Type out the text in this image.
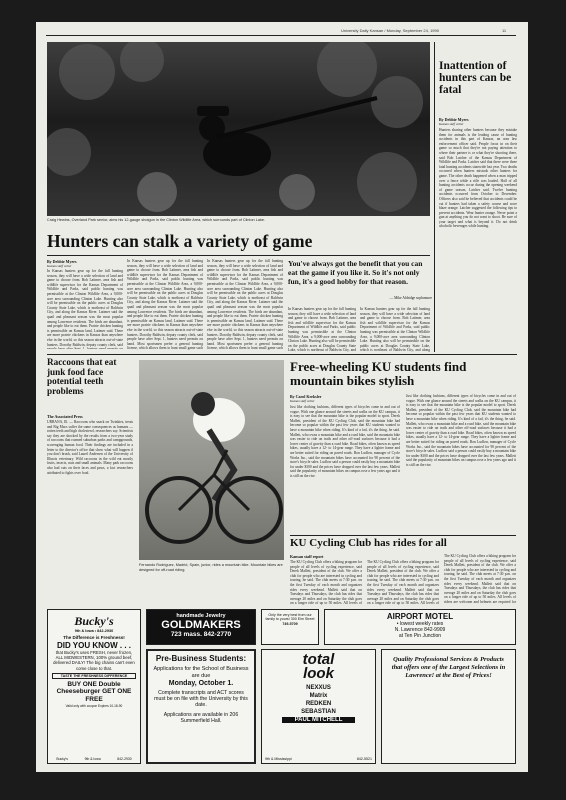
University Daily Kansan / Monday, September 24, 1990	11
Craig Hewins, Overland Park senior, aims his 12-gauge shotgun in the Clinton Wildlife Area, which surrounds part of Clinton Lake.
Hunters can stalk a variety of game
By Debbie Myers
Kansan staff writer
In Kansas hunters gear up for the fall hunting season, they will have a wide selection of land and game to choose from. Bob Latimer, area fish and wildlife supervisor for the Kansas Department of Wildlife and Parks, said public hunting was permissible at the Clinton Wildlife Area, a 9,000-acre area surrounding Clinton Lake. Hunting also will be permissible on the public acres at Douglas County State Lake, which is northeast of Baldwin City, and along the Kansas River. Latimer said the quail and pheasant season was the most popular among Lawrence residents. The birds are abundant, and people like to eat them. Prairie chicken hunting is permissible on Kansas land, Latimer said. There are more prairie chickens in Kansas than anywhere else in the world, so this season attracts out-of-state hunters. Dorothy Baldwin, deputy county clerk, said
In Kansas hunters gear up for the fall hunting season, they will have a wide selection of land and game to choose from. Bob Latimer, area fish and wildlife supervisor for the Kansas Department of Wildlife and Parks, said public hunting was permissible at the Clinton Wildlife Area, a 9,000-acre area surrounding Clinton Lake. Hunting also will be permissible on the public acres at Douglas County State Lake, which is northeast of Baldwin City, and along the Kansas River. Latimer said the quail and pheasant season was the most popular among Lawrence residents. The birds are abundant, and people like to eat them. Prairie chicken hunting is permissible on Kansas land, Latimer said. There are more prairie chickens in Kansas than anywhere else in the world, so this season attracts out-of-state hunters. Dorothy Baldwin, deputy county clerk, said people have after Sept. 1, hunters need permits on hand. Most sportsmen prefer a general hunting license, which allows them to hunt small game such
In Kansas hunters gear up for the fall hunting season, they will have a wide selection of land and game to choose from. Bob Latimer, area fish and wildlife supervisor for the Kansas Department of Wildlife and Parks, said public hunting was permissible at the Clinton Wildlife Area, a 9,000-acre area surrounding Clinton Lake. Hunting also will be permissible on the public acres at Douglas County State Lake, which is northeast of Baldwin City, and along the Kansas River. Latimer said the quail and pheasant season was the most popular among Lawrence residents. The birds are abundant, and people like to eat them. Prairie chicken hunting is permissible on Kansas land, Latimer said. There are more prairie chickens in Kansas than anywhere else in the world, so this season attracts out-of-state hunters. Dorothy Baldwin, deputy county clerk, said people have after Sept. 1, hunters need permits on hand. Most sportsmen prefer a general hunting license, which allows them to hunt small game such
You've always got the benefit that you can eat the game if you like it. So it's not only fun, it's a good hobby for that reason.
— Mike Aldridge sophomore
In Kansas hunters gear up for the fall hunting season, they will have a wide selection of land and game to choose from. Bob Latimer, area fish and wildlife supervisor for the Kansas Department of Wildlife and Parks, said public hunting was permissible at the Clinton Wildlife Area, a 9,000-acre area surrounding Clinton Lake. Hunting also will be permissible on the public acres at Douglas County State Lake, which is northeast of Baldwin City, and
In Kansas hunters gear up for the fall hunting season, they will have a wide selection of land and game to choose from. Bob Latimer, area fish and wildlife supervisor for the Kansas Department of Wildlife and Parks, said public hunting was permissible at the Clinton Wildlife Area, a 9,000-acre area surrounding Clinton Lake. Hunting also will be permissible on the public acres at Douglas County State Lake, which is northeast of Baldwin City, and along
Inattention of hunters can be fatal
By Debbie Myers
Kansan staff writer
Hunters sharing other hunters because they mistake them for animals is the leading cause of hunting accidents in this part of Kansas, an area law enforcement officer said. People focus in on their game so much that they're not paying attention to where their partner is or what they're shooting there, said Bob Latcher of the Kansas Department of Wildlife and Parks. Latcher said that there were three fatal hunting accidents statewide last year. Two deaths occurred when hunters mistook other hunters for game. The other death happened when a man tripped over a fence while a rifle was loaded. Half of all hunting accidents occur during the opening weekend of game season, Latcher said. Twelve hunting accidents occurred from October to December. Officers also said he believed that accidents could be cut if hunters had taken a safety course and wore blaze orange. Latcher suggested the following tips to prevent accidents. Wear hunter orange. Never point a gun at anything you do not want to shoot. Be sure of your target and what is beyond it. Do not drink alcoholic beverages while hunting.
Raccoons that eat junk food face potential teeth problems
The Associated Press
URBANA, Ill. — Raccoons who snack on Twinkies, treats and Big Macs suffer the same consequences as humans — rotten teeth and high cholesterol, researchers say. Scientists say they are shocked by the results from a two-year study of raccoons that roamed suburban parks and campgrounds, scavenging human food. Their findings are included in a letter to the director's office that show what will happen if you don't brush, said Laurel Andersen of the University of Illinois veterinary. Wild raccoons in the wild eat mostly fruits, insects, nuts and small animals. Many park raccoons also had cuts on their faces and paws, a fact researchers attributed to fights over food.
Fernando Rodriguez, Madrid, Spain, junior, rides a mountain bike. Mountain bikes are designed for off-road riding.
Free-wheeling KU students find mountain bikes stylish
By Carol Kreksler
Kansan staff writer
Just like clothing fashions, different types of bicycles come in and out of vogue. With one glance around the streets and walks on the KU campus, it is easy to see that the mountain bike is the popular model to sport. Derek Mallett, president of the KU Cycling Club, said the mountain bike had become so popular within the past few years that KU students wanted to have a mountain bike when riding. It's kind of a fad, it's the thing, he said. Mallett, who owns a mountain bike and a road bike, said the mountain bike was easier to ride on trails and other off-road surfaces because it had a lower center of gravity than a road bike. Road bikes, often known as speed bikes, usually have a 12- to 14-gear range. They have a lighter frame and are better suited for riding on paved roads. Ron Ludlow, manager of Cycle Works Inc., said the mountain bikes have accounted for 90 percent of the store's bicycle sales. Ludlow said a person could easily buy a mountain bike for under $300 and the prices have dropped over the last few years. Mallett said the popularity of mountain bikes on campus rose a few years ago and it is still on the rise.
Just like clothing fashions, different types of bicycles come in and out of vogue. With one glance around the streets and walks on the KU campus, it is easy to see that the mountain bike is the popular model to sport. Derek Mallett, president of the KU Cycling Club, said the mountain bike had become so popular within the past few years that KU students wanted to have a mountain bike when riding. It's kind of a fad, it's the thing, he said. Mallett, who owns a mountain bike and a road bike, said the mountain bike was easier to ride on trails and other off-road surfaces because it had a lower center of gravity than a road bike. Road bikes, often known as speed bikes, usually have a 12- to 14-gear range. They have a lighter frame and are better suited for riding on paved roads. Ron Ludlow, manager of Cycle Works Inc., said the mountain bikes have accounted for 90 percent of the store's bicycle sales. Ludlow said a person could easily buy a mountain bike for under $300 and the prices have dropped over the last few years. Mallett said the popularity of mountain bikes on campus rose a few years ago and it is still on the rise.
KU Cycling Club has rides for all
Kansan staff report
The KU Cycling Club offers a biking program for people of all levels of cycling experience, said Derek Mallett, president of the club. We offer a club for people who are interested in cycling and touring, he said. The club meets at 7:30 p.m. on the first Tuesday of each month and organizes rides every weekend. Mallett said that on Tuesdays and Thursdays, the club has rides that average 20 miles and on Saturday the club goes on a longer ride of up to 50 miles. All levels of
The KU Cycling Club offers a biking program for people of all levels of cycling experience, said Derek Mallett, president of the club. We offer a club for people who are interested in cycling and touring, he said. The club meets at 7:30 p.m. on the first Tuesday of each month and organizes rides every weekend. Mallett said that on Tuesdays and Thursdays, the club has rides that average 20 miles and on Saturday the club goes on a longer ride of up to 50 miles. All levels of
The KU Cycling Club offers a biking program for people of all levels of cycling experience, said Derek Mallett, president of the club. We offer a club for people who are interested in cycling and touring, he said. The club meets at 7:30 p.m. on the first Tuesday of each month and organizes rides every weekend. Mallett said that on Tuesdays and Thursdays, the club has rides that average 20 miles and on Saturday the club goes on a longer ride of up to 50 miles. All levels of riders are welcome and helmets are required for
Bucky's
9th & Iowa • 842-2930
The Difference is Freshness!
DID YOU KNOW . . .
that Bucky's uses FRESH, never frozen, ALL MIDWESTERN, 100% ground beef, delivered DAILY! The big chains can't even come close to that.
TASTE THE FRESHNESS DIFFERENCE
BUY ONE Double Cheeseburger GET ONE FREE
Valid only with coupon Expires 10-18-90
Bucky's	9th & Iowa	842-2930
handmade Jewelry
GOLDMAKERS
723 mass. 842-2770
Pre-Business Students:
Applications for the School of Business are due
Monday, October 1.
Complete transcripts and ACT scores must be on file with the University by this date.
Applications are available in 206 Summerfield Hall.
Only the very best from our family to yours! 300 Elm Street
749-5709
AIRPORT MOTEL
• lowest weekly rates
N. Lawrence 842-9909
at Ten Pin Junction
total
look
NEXXUS
Matrix
REDKEN
SEBASTIAN
PAUL MITCHELL
9th & Mississippi	842-5521
Quality Professional Services & Products that offers one of the Largest Selections in Lawrence! at the Best of Prices!
